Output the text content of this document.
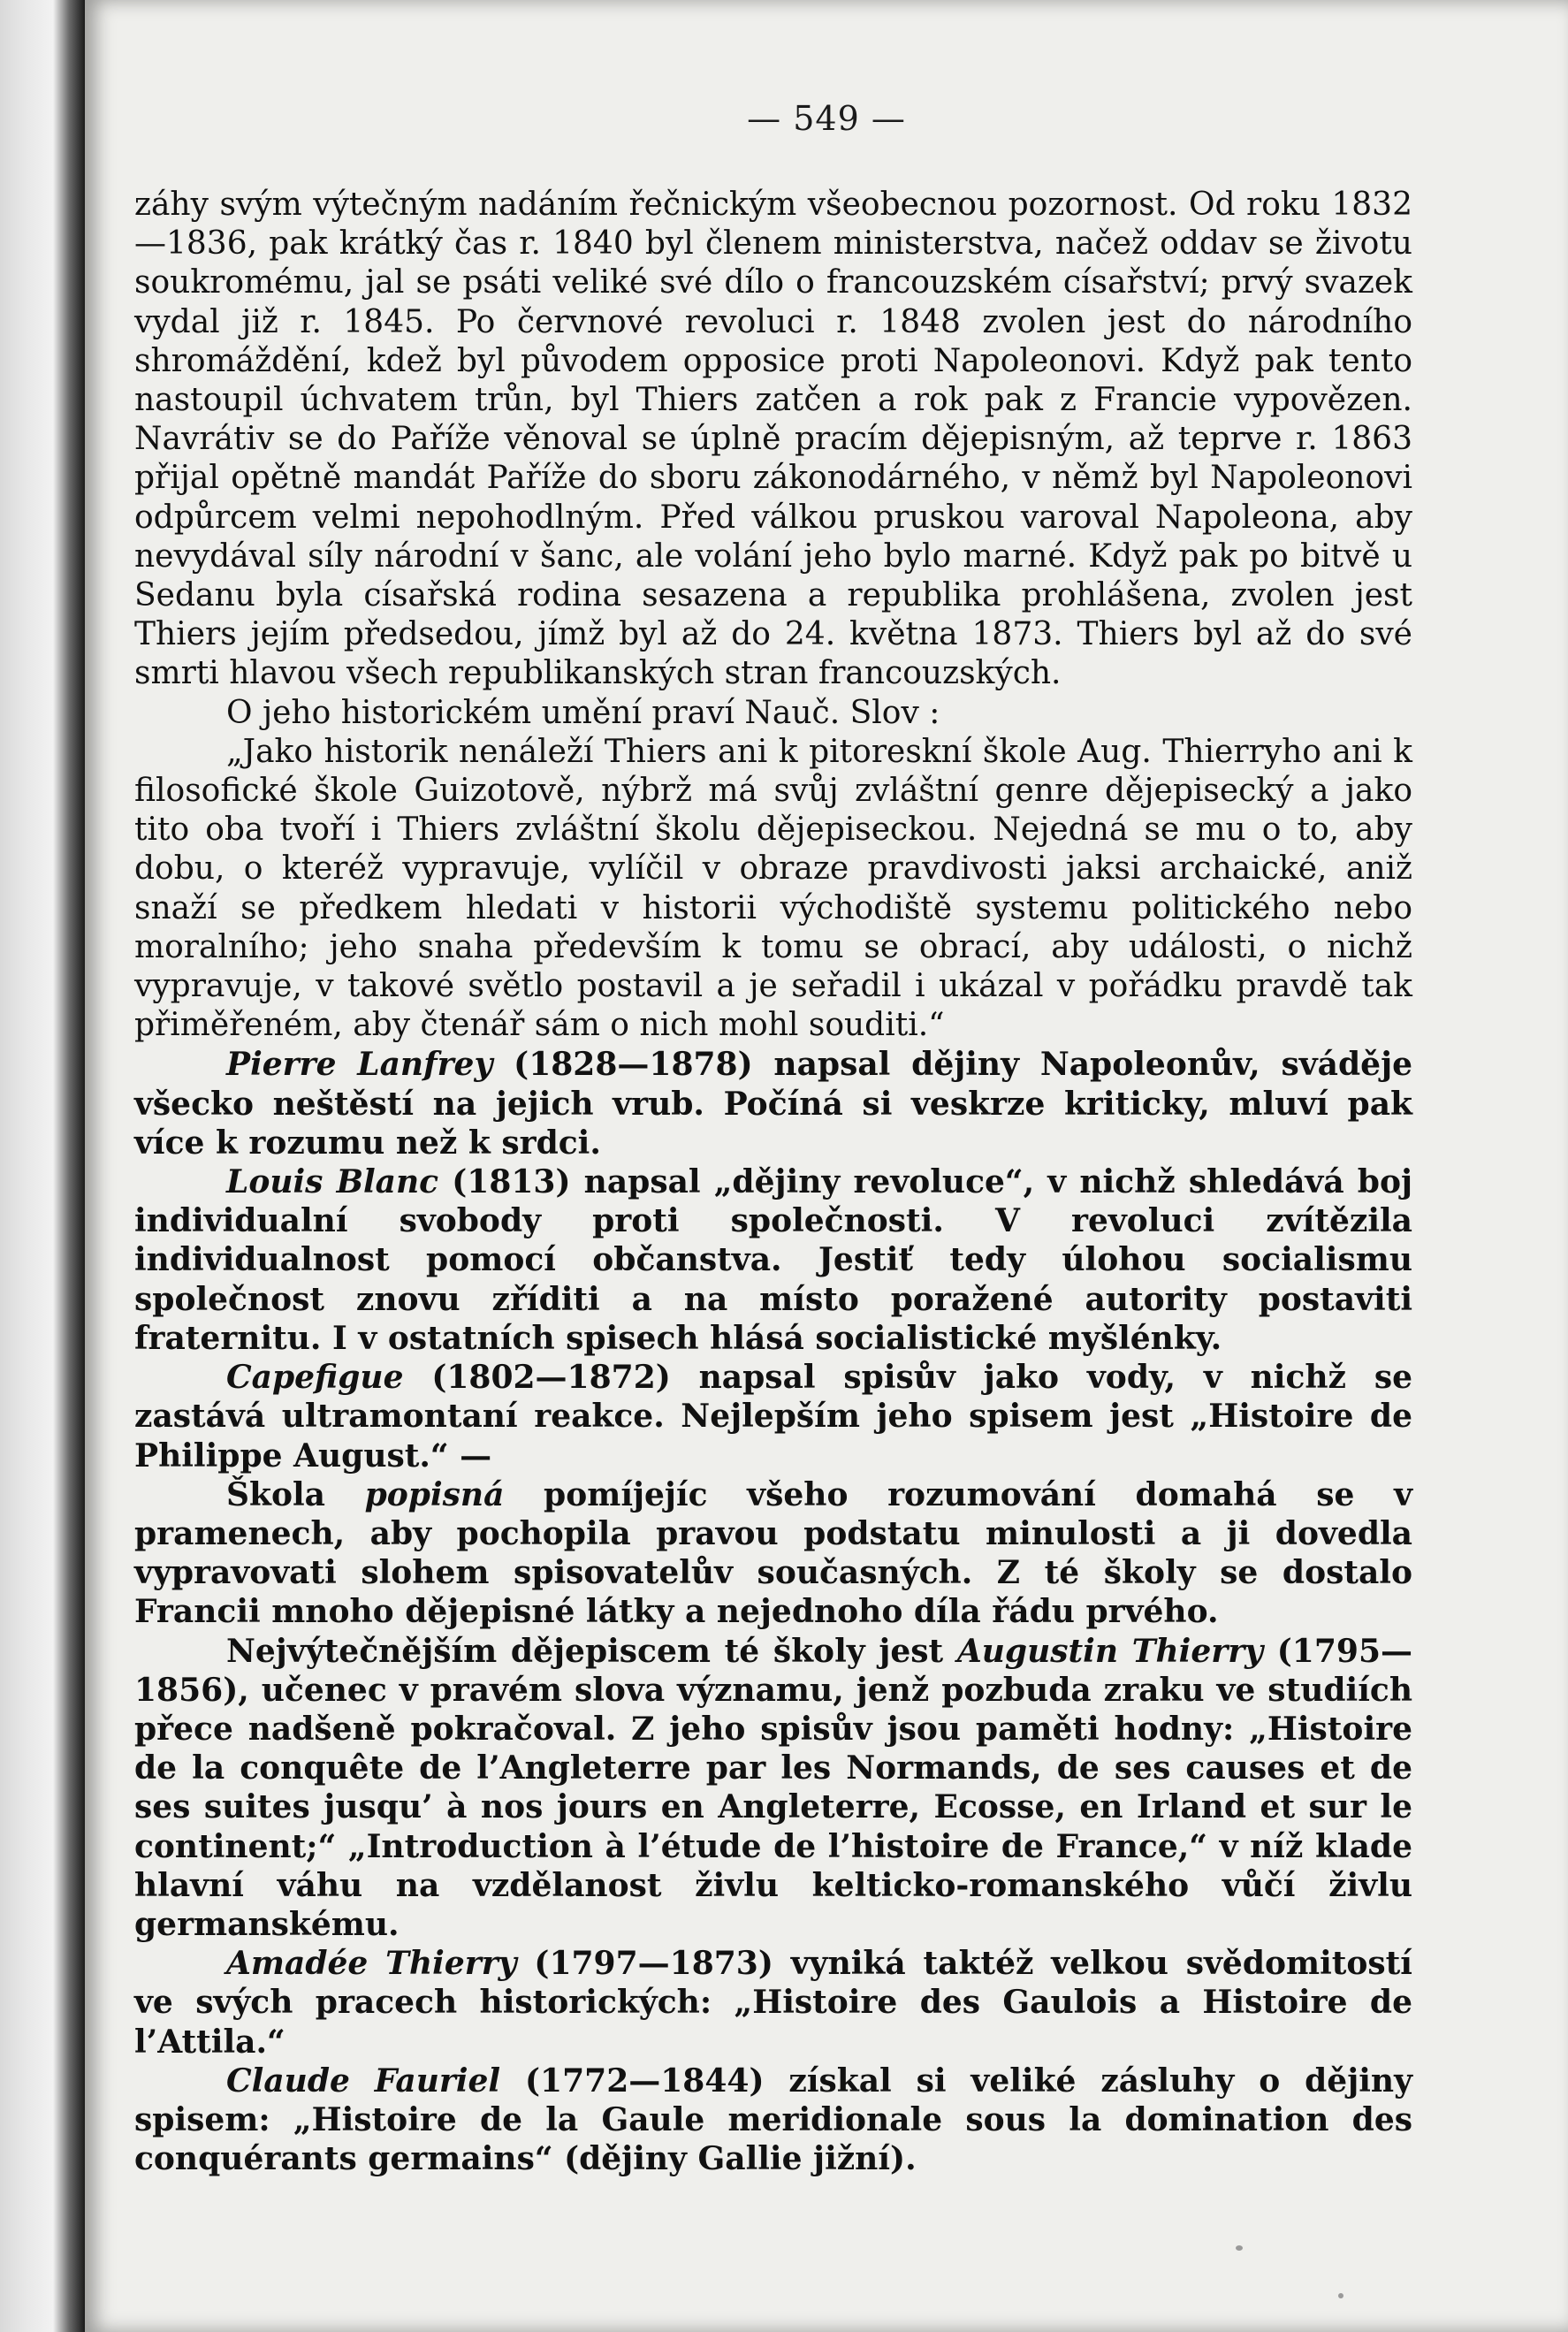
— 549 —

záhy svým výtečným nadáním řečnickým všeobecnou pozornost. Od roku 1832—1836, pak krátký čas r. 1840 byl členem ministerstva, načež oddav se životu soukromému, jal se psáti veliké své dílo o francouzském císařství; prvý svazek vydal již r. 1845. Po červnové revoluci r. 1848 zvolen jest do národního shromáždění, kdež byl původem opposice proti Napoleonovi. Když pak tento nastoupil úchvatem trůn, byl Thiers zatčen a rok pak z Francie vypovězen. Navrátiv se do Paříže věnoval se úplně pracím dějepisným, až teprve r. 1863 přijal opětně mandát Paříže do sboru zákonodárného, v němž byl Napoleonovi odpůrcem velmi nepohodlným. Před válkou pruskou varoval Napoleona, aby nevydával síly národní v šanc, ale volání jeho bylo marné. Když pak po bitvě u Sedanu byla císařská rodina sesazena a republika prohlášena, zvolen jest Thiers jejím předsedou, jímž byl až do 24. května 1873. Thiers byl až do své smrti hlavou všech republikanských stran francouzských.

O jeho historickém umění praví Nauč. Slov :

„Jako historik nenáleží Thiers ani k pitoreskní škole Aug. Thierryho ani k filosofické škole Guizotově, nýbrž má svůj zvláštní genre dějepisecký a jako tito oba tvoří i Thiers zvláštní školu dějepiseckou. Nejedná se mu o to, aby dobu, o kteréž vypravuje, vylíčil v obraze pravdivosti jaksi archaické, aniž snaží se předkem hledati v historii východiště systemu politického nebo moralního; jeho snaha především k tomu se obrací, aby události, o nichž vypravuje, v takové světlo postavil a je seřadil i ukázal v pořádku pravdě tak přiměřeném, aby čtenář sám o nich mohl souditi.“

Pierre Lanfrey (1828—1878) napsal dějiny Napoleonův, sváděje všecko neštěstí na jejich vrub. Počíná si veskrze kriticky, mluví pak více k rozumu než k srdci.

Louis Blanc (1813) napsal „dějiny revoluce“, v nichž shledává boj individualní svobody proti společnosti. V revoluci zvítězila individualnost pomocí občanstva. Jestiť tedy úlohou socialismu společnost znovu zříditi a na místo poražené autority postaviti fraternitu. I v ostatních spisech hlásá socialistické myšlénky.

Capefigue (1802—1872) napsal spisův jako vody, v nichž se zastává ultramontaní reakce. Nejlepším jeho spisem jest „Histoire de Philippe August.“ —

Škola popisná pomíjejíc všeho rozumování domahá se v pramenech, aby pochopila pravou podstatu minulosti a ji dovedla vypravovati slohem spisovatelův současných. Z té školy se dostalo Francii mnoho dějepisné látky a nejednoho díla řádu prvého.

Nejvýtečnějším dějepiscem té školy jest Augustin Thierry (1795—1856), učenec v pravém slova významu, jenž pozbuda zraku ve studiích přece nadšeně pokračoval. Z jeho spisův jsou paměti hodny: „Histoire de la conquête de l’Angleterre par les Normands, de ses causes et de ses suites jusqu’ à nos jours en Angleterre, Ecosse, en Irland et sur le continent;“ „Introduction à l’étude de l’histoire de France,“ v níž klade hlavní váhu na vzdělanost živlu kelticko-romanského vůčí živlu germanskému.

Amadée Thierry (1797—1873) vyniká taktéž velkou svědomitostí ve svých pracech historických: „Histoire des Gaulois a Histoire de l’Attila.“

Claude Fauriel (1772—1844) získal si veliké zásluhy o dějiny spisem: „Histoire de la Gaule meridionale sous la domination des conquérants germains“ (dějiny Gallie jižní).
